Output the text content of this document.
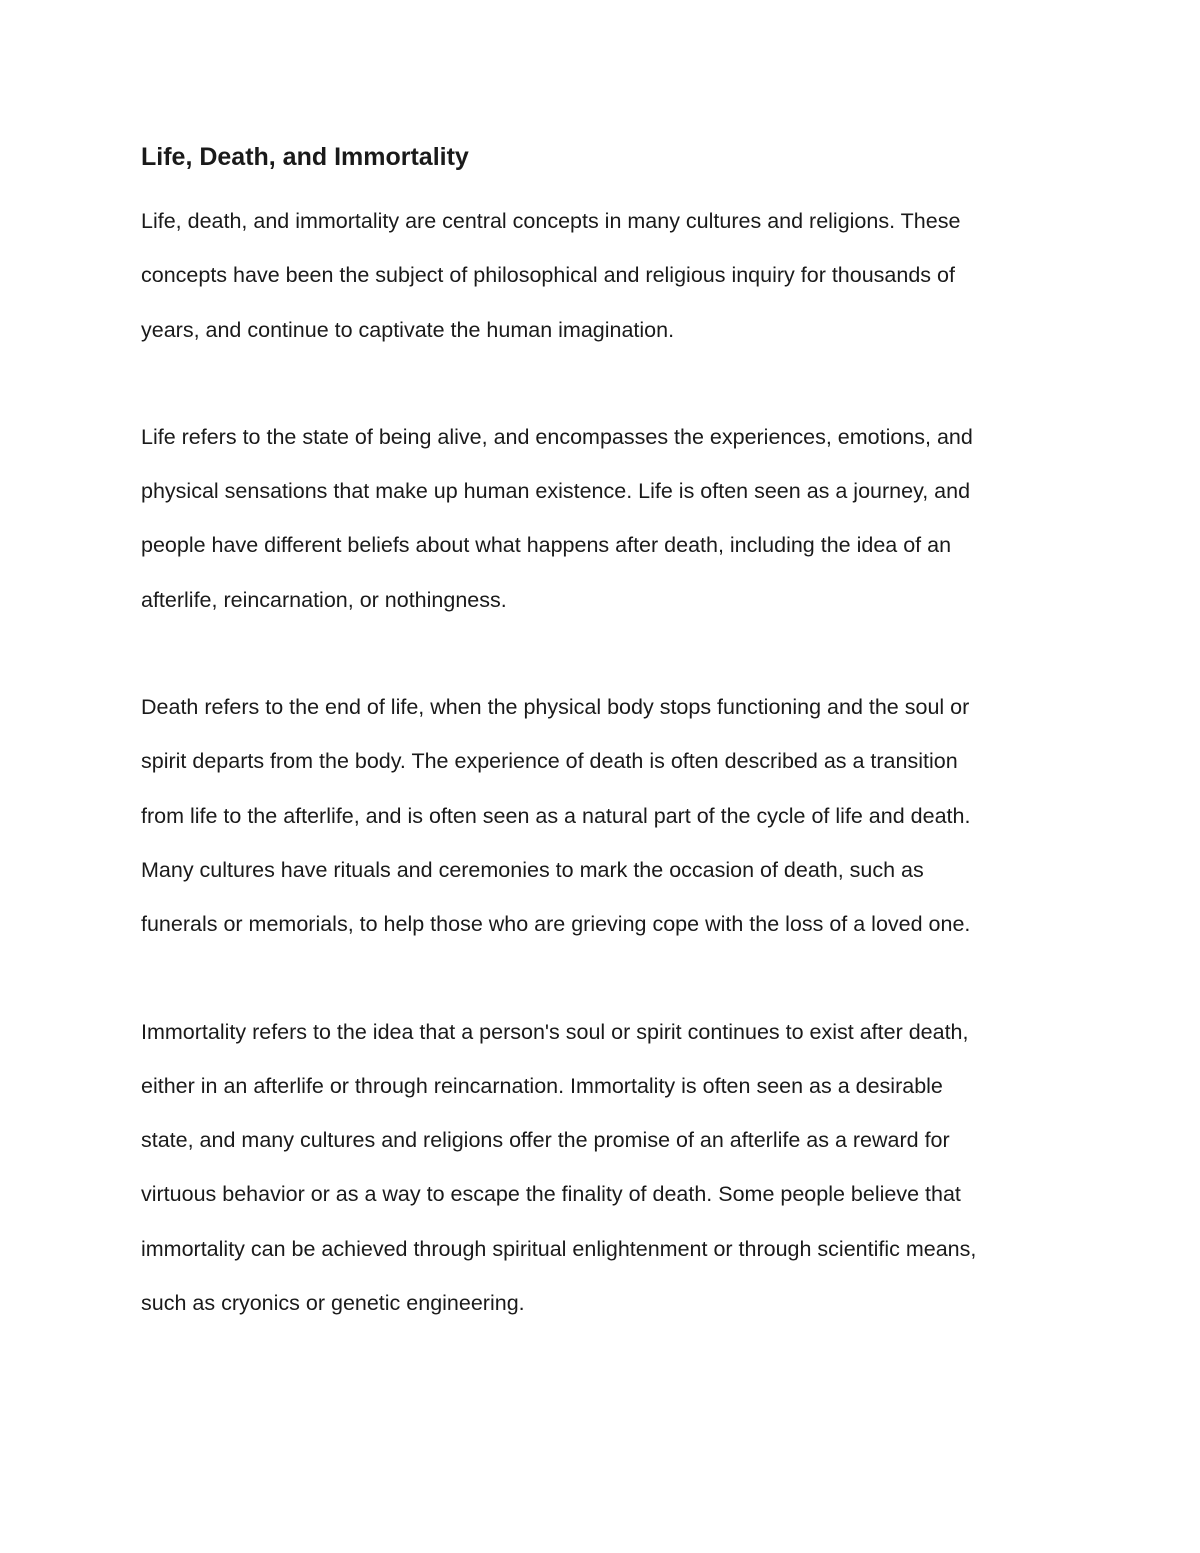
Life, Death, and Immortality

Life, death, and immortality are central concepts in many cultures and religions. These
concepts have been the subject of philosophical and religious inquiry for thousands of
years, and continue to captivate the human imagination.

Life refers to the state of being alive, and encompasses the experiences, emotions, and
physical sensations that make up human existence. Life is often seen as a journey, and
people have different beliefs about what happens after death, including the idea of an
afterlife, reincarnation, or nothingness.

Death refers to the end of life, when the physical body stops functioning and the soul or
spirit departs from the body. The experience of death is often described as a transition
from life to the afterlife, and is often seen as a natural part of the cycle of life and death.
Many cultures have rituals and ceremonies to mark the occasion of death, such as
funerals or memorials, to help those who are grieving cope with the loss of a loved one.

Immortality refers to the idea that a person's soul or spirit continues to exist after death,
either in an afterlife or through reincarnation. Immortality is often seen as a desirable
state, and many cultures and religions offer the promise of an afterlife as a reward for
virtuous behavior or as a way to escape the finality of death. Some people believe that
immortality can be achieved through spiritual enlightenment or through scientific means,
such as cryonics or genetic engineering.
